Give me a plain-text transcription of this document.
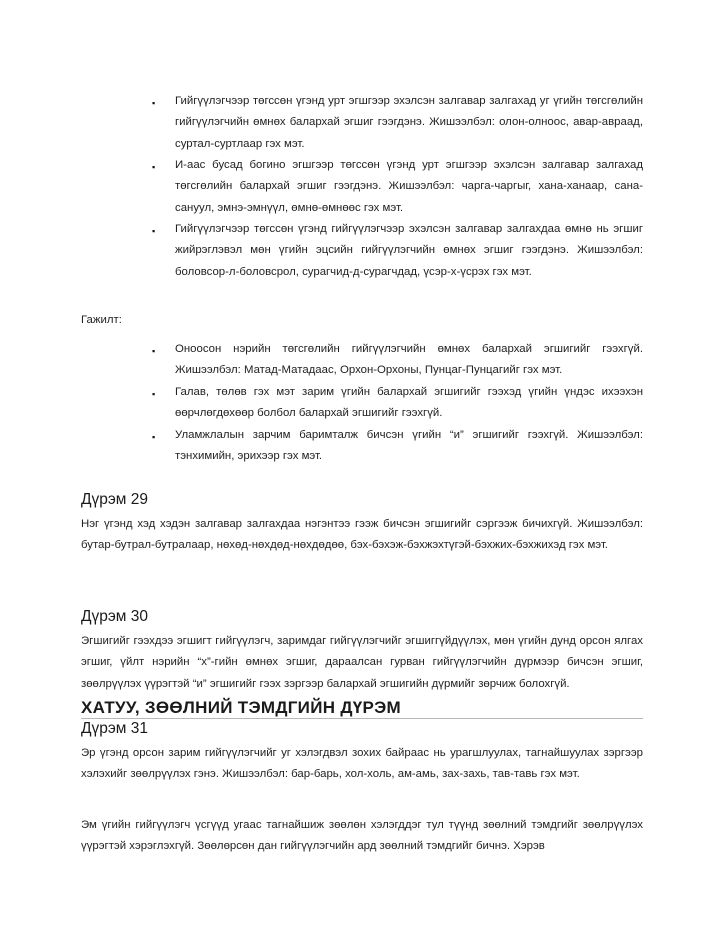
▪	Гийгүүлэгчээр төгссөн үгэнд урт эгшгээр эхэлсэн залгавар залгахад уг үгийн төгсгөлийн гийгүүлэгчийн өмнөх балархай эгшиг гээгдэнэ. Жишээлбэл: олон-олноос, авар-авраад, суртал-суртлаар гэх мэт.

▪	И-аас бусад богино эгшгээр төгссөн үгэнд урт эгшгээр эхэлсэн залгавар залгахад төгсгөлийн балархай эгшиг гээгдэнэ. Жишээлбэл: чарга-чаргыг, хана-ханаар, сана-сануул, эмнэ-эмнүүл, өмнө-өмнөөс гэх мэт.

▪	Гийгүүлэгчээр төгссөн үгэнд гийгүүлэгчээр эхэлсэн залгавар залгахдаа өмнө нь эгшиг жийрэглэвэл мөн үгийн эцсийн гийгүүлэгчийн өмнөх эгшиг гээгдэнэ. Жишээлбэл: боловсор-л-боловсрол, сурагчид-д-сурагчдад, үсэр-х-үсрэх гэх мэт.

Гажилт:

▪	Оноосон нэрийн төгсгөлийн гийгүүлэгчийн өмнөх балархай эгшигийг гээхгүй. Жишээлбэл: Матад-Матадаас, Орхон-Орхоны, Пунцаг-Пунцагийг гэх мэт.

▪	Галав, төлөв гэх мэт зарим үгийн балархай эгшигийг гээхэд үгийн үндэс ихээхэн өөрчлөгдөхөөр болбол балархай эгшигийг гээхгүй.

▪	Уламжлалын зарчим баримталж бичсэн үгийн “и” эгшигийг гээхгүй. Жишээлбэл: тэнхимийн, эрихээр гэх мэт.

Дүрэм 29

Нэг үгэнд хэд хэдэн залгавар залгахдаа нэгэнтээ гээж бичсэн эгшигийг сэргээж бичихгүй. Жишээлбэл: бутар-бутрал-бутралаар, нөхөд-нөхдөд-нөхдөдөө, бэх-бэхэж-бэхжэхтүгэй-бэхжих-бэхжихэд гэх мэт.

Дүрэм 30

Эгшигийг гээхдээ эгшигт гийгүүлэгч, заримдаг гийгүүлэгчийг эгшиггүйдүүлэх, мөн үгийн дунд орсон ялгах эгшиг, үйлт нэрийн “х”-гийн өмнөх эгшиг, дараалсан гурван гийгүүлэгчийн дүрмээр бичсэн эгшиг, зөөлрүүлэх үүрэгтэй “и” эгшигийг гээх зэргээр балархай эгшигийн дүрмийг зөрчиж болохгүй.

ХАТУУ, ЗӨӨЛНИЙ ТЭМДГИЙН ДҮРЭМ
Дүрэм 31

Эр үгэнд орсон зарим гийгүүлэгчийг уг хэлэгдвэл зохих байраас нь урагшлуулах, тагнайшуулах зэргээр хэлэхийг зөөлрүүлэх гэнэ. Жишээлбэл: бар-барь, хол-холь, ам-амь, зах-захь, тав-тавь гэх мэт.

Эм үгийн гийгүүлэгч үсгүүд угаас тагнайшиж зөөлөн хэлэгддэг тул түүнд зөөлний тэмдгийг зөөлрүүлэх үүрэгтэй хэрэглэхгүй. Зөөлөрсөн дан гийгүүлэгчийн ард зөөлний тэмдгийг бичнэ. Хэрэв
